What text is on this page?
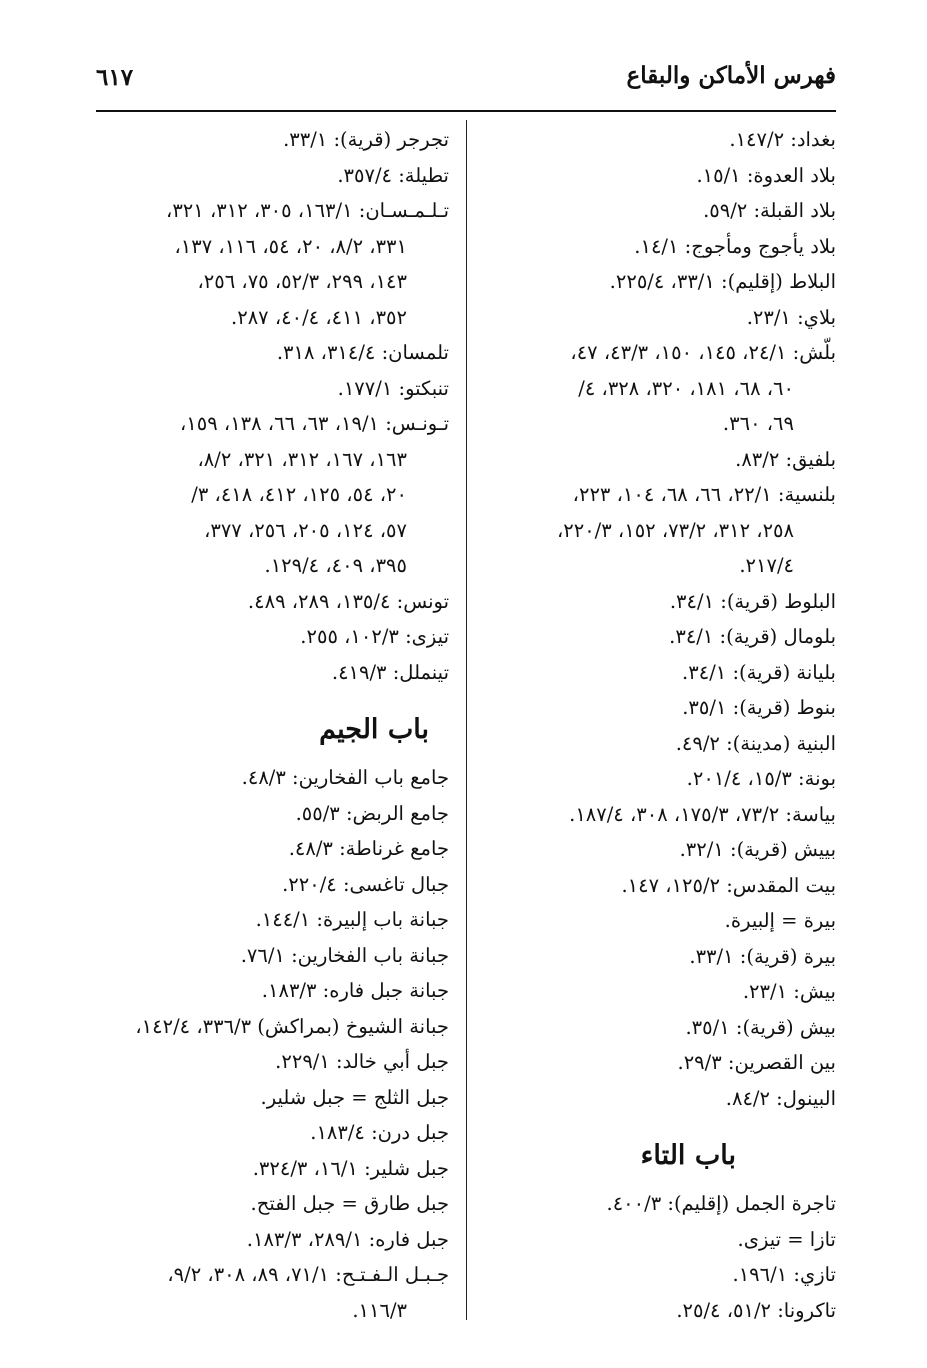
٦١٧	فهرس الأماكن والبقاع
بغداد: ١٤٧/٢.
بلاد العدوة: ١٥/١.
بلاد القبلة: ٥٩/٢.
بلاد يأجوج ومأجوج: ١٤/١.
البلاط (إقليم): ٣٣/١، ٢٢٥/٤.
بلاي: ٢٣/١.
بلّش: ٢٤/١، ١٤٥، ١٥٠، ٤٣/٣، ٤٧،
٦٠، ٦٨، ١٨١، ٣٢٠، ٣٢٨، ٤/
٦٩، ٣٦٠.
بلفيق: ٨٣/٢.
بلنسية: ٢٢/١، ٦٦، ٦٨، ١٠٤، ٢٢٣،
٢٥٨، ٣١٢، ٧٣/٢، ١٥٢، ٢٢٠/٣،
٢١٧/٤.
البلوط (قرية): ٣٤/١.
بلومال (قرية): ٣٤/١.
بليانة (قرية): ٣٤/١.
بنوط (قرية): ٣٥/١.
البنية (مدينة): ٤٩/٢.
بونة: ١٥/٣، ٢٠١/٤.
بياسة: ٧٣/٢، ١٧٥/٣، ٣٠٨، ١٨٧/٤.
بييش (قرية): ٣٢/١.
بيت المقدس: ١٢٥/٢، ١٤٧.
بيرة = إلبيرة.
بيرة (قرية): ٣٣/١.
بيش: ٢٣/١.
بيش (قرية): ٣٥/١.
بين القصرين: ٢٩/٣.
البينول: ٨٤/٢.
باب التاء
تاجرة الجمل (إقليم): ٤٠٠/٣.
تازا = تيزى.
تازي: ١٩٦/١.
تاكرونا: ٥١/٢، ٢٥/٤.
تجرجر (قرية): ٣٣/١.
تطيلة: ٣٥٧/٤.
تـلـمـسـان: ١٦٣/١، ٣٠٥، ٣١٢، ٣٢١،
٣٣١، ٨/٢، ٢٠، ٥٤، ١١٦، ١٣٧،
١٤٣، ٢٩٩، ٥٢/٣، ٧٥، ٢٥٦،
٣٥٢، ٤١١، ٤٠/٤، ٢٨٧.
تلمسان: ٣١٤/٤، ٣١٨.
تنبكتو: ١٧٧/١.
تـونـس: ١٩/١، ٦٣، ٦٦، ١٣٨، ١٥٩،
١٦٣، ١٦٧، ٣١٢، ٣٢١، ٨/٢،
٢٠، ٥٤، ١٢٥، ٤١٢، ٤١٨، ٣/
٥٧، ١٢٤، ٢٠٥، ٢٥٦، ٣٧٧،
٣٩٥، ٤٠٩، ١٢٩/٤.
تونس: ١٣٥/٤، ٢٨٩، ٤٨٩.
تيزى: ١٠٢/٣، ٢٥٥.
تينملل: ٤١٩/٣.
باب الجيم
جامع باب الفخارين: ٤٨/٣.
جامع الربض: ٥٥/٣.
جامع غرناطة: ٤٨/٣.
جبال تاغسى: ٢٢٠/٤.
جبانة باب إلبيرة: ١٤٤/١.
جبانة باب الفخارين: ٧٦/١.
جبانة جبل فاره: ١٨٣/٣.
جبانة الشيوخ (بمراكش) ٣٣٦/٣، ١٤٢/٤،
جبل أبي خالد: ٢٢٩/١.
جبل الثلج = جبل شلير.
جبل درن: ١٨٣/٤.
جبل شلير: ١٦/١، ٣٢٤/٣.
جبل طارق = جبل الفتح.
جبل فاره: ٢٨٩/١، ١٨٣/٣.
جـبـل الـفـتـح: ٧١/١، ٨٩، ٣٠٨، ٩/٢،
١١٦/٣.
